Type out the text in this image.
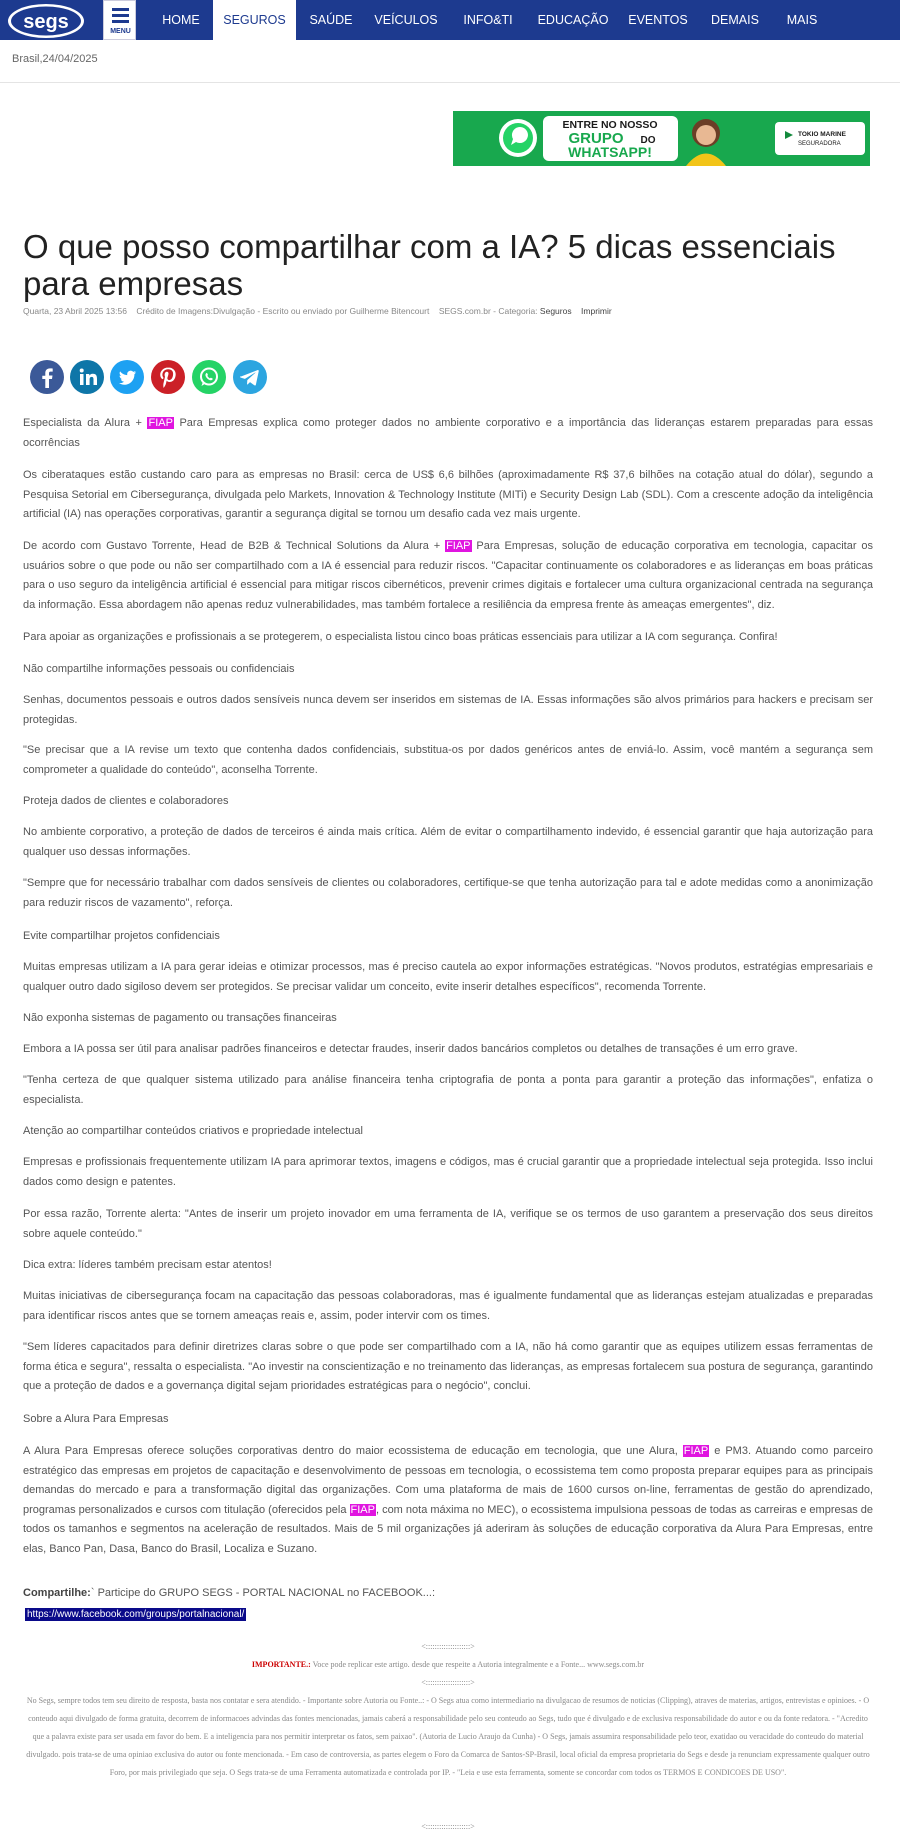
segs	MENU
HOME	SEGUROS	SAÚDE	VEÍCULOS	INFO&TI	EDUCAÇÃO	EVENTOS	DEMAIS	MAIS
Brasil,24/04/2025
ENTRE NO NOSSO
GRUPO DO
WHATSAPP!
TOKIO MARINE
SEGURADORA
O que posso compartilhar com a IA? 5 dicas essenciais para empresas
Quarta, 23 Abril 2025 13:56 Crédito de Imagens:Divulgação - Escrito ou enviado por Guilherme Bitencourt SEGS.com.br - Categoria: Seguros Imprimir
Especialista da Alura + FIAP Para Empresas explica como proteger dados no ambiente corporativo e a importância das lideranças estarem preparadas para essas ocorrências
Os ciberataques estão custando caro para as empresas no Brasil: cerca de US$ 6,6 bilhões (aproximadamente R$ 37,6 bilhões na cotação atual do dólar), segundo a Pesquisa Setorial em Cibersegurança, divulgada pelo Markets, Innovation & Technology Institute (MITi) e Security Design Lab (SDL). Com a crescente adoção da inteligência artificial (IA) nas operações corporativas, garantir a segurança digital se tornou um desafio cada vez mais urgente.
De acordo com Gustavo Torrente, Head de B2B & Technical Solutions da Alura + FIAP Para Empresas, solução de educação corporativa em tecnologia, capacitar os usuários sobre o que pode ou não ser compartilhado com a IA é essencial para reduzir riscos. "Capacitar continuamente os colaboradores e as lideranças em boas práticas para o uso seguro da inteligência artificial é essencial para mitigar riscos cibernéticos, prevenir crimes digitais e fortalecer uma cultura organizacional centrada na segurança da informação. Essa abordagem não apenas reduz vulnerabilidades, mas também fortalece a resiliência da empresa frente às ameaças emergentes", diz.
Para apoiar as organizações e profissionais a se protegerem, o especialista listou cinco boas práticas essenciais para utilizar a IA com segurança. Confira!
Não compartilhe informações pessoais ou confidenciais
Senhas, documentos pessoais e outros dados sensíveis nunca devem ser inseridos em sistemas de IA. Essas informações são alvos primários para hackers e precisam ser protegidas.
"Se precisar que a IA revise um texto que contenha dados confidenciais, substitua-os por dados genéricos antes de enviá-lo. Assim, você mantém a segurança sem comprometer a qualidade do conteúdo", aconselha Torrente.
Proteja dados de clientes e colaboradores
No ambiente corporativo, a proteção de dados de terceiros é ainda mais crítica. Além de evitar o compartilhamento indevido, é essencial garantir que haja autorização para qualquer uso dessas informações.
"Sempre que for necessário trabalhar com dados sensíveis de clientes ou colaboradores, certifique-se que tenha autorização para tal e adote medidas como a anonimização para reduzir riscos de vazamento", reforça.
Evite compartilhar projetos confidenciais
Muitas empresas utilizam a IA para gerar ideias e otimizar processos, mas é preciso cautela ao expor informações estratégicas. "Novos produtos, estratégias empresariais e qualquer outro dado sigiloso devem ser protegidos. Se precisar validar um conceito, evite inserir detalhes específicos", recomenda Torrente.
Não exponha sistemas de pagamento ou transações financeiras
Embora a IA possa ser útil para analisar padrões financeiros e detectar fraudes, inserir dados bancários completos ou detalhes de transações é um erro grave.
"Tenha certeza de que qualquer sistema utilizado para análise financeira tenha criptografia de ponta a ponta para garantir a proteção das informações", enfatiza o especialista.
Atenção ao compartilhar conteúdos criativos e propriedade intelectual
Empresas e profissionais frequentemente utilizam IA para aprimorar textos, imagens e códigos, mas é crucial garantir que a propriedade intelectual seja protegida. Isso inclui dados como design e patentes.
Por essa razão, Torrente alerta: "Antes de inserir um projeto inovador em uma ferramenta de IA, verifique se os termos de uso garantem a preservação dos seus direitos sobre aquele conteúdo."
Dica extra: líderes também precisam estar atentos!
Muitas iniciativas de cibersegurança focam na capacitação das pessoas colaboradoras, mas é igualmente fundamental que as lideranças estejam atualizadas e preparadas para identificar riscos antes que se tornem ameaças reais e, assim, poder intervir com os times.
"Sem líderes capacitados para definir diretrizes claras sobre o que pode ser compartilhado com a IA, não há como garantir que as equipes utilizem essas ferramentas de forma ética e segura", ressalta o especialista. "Ao investir na conscientização e no treinamento das lideranças, as empresas fortalecem sua postura de segurança, garantindo que a proteção de dados e a governança digital sejam prioridades estratégicas para o negócio", conclui.
Sobre a Alura Para Empresas
A Alura Para Empresas oferece soluções corporativas dentro do maior ecossistema de educação em tecnologia, que une Alura, FIAP e PM3. Atuando como parceiro estratégico das empresas em projetos de capacitação e desenvolvimento de pessoas em tecnologia, o ecossistema tem como proposta preparar equipes para as principais demandas do mercado e para a transformação digital das organizações. Com uma plataforma de mais de 1600 cursos on-line, ferramentas de gestão do aprendizado, programas personalizados e cursos com titulação (oferecidos pela FIAP, com nota máxima no MEC), o ecossistema impulsiona pessoas de todas as carreiras e empresas de todos os tamanhos e segmentos na aceleração de resultados. Mais de 5 mil organizações já aderiram às soluções de educação corporativa da Alura Para Empresas, entre elas, Banco Pan, Dasa, Banco do Brasil, Localiza e Suzano.
Compartilhe:` Participe do GRUPO SEGS - PORTAL NACIONAL no FACEBOOK...:
https://www.facebook.com/groups/portalnacional/
<::::::::::::::::::::>
IMPORTANTE.: Voce pode replicar este artigo. desde que respeite a Autoria integralmente e a Fonte... www.segs.com.br
<::::::::::::::::::::>
No Segs, sempre todos tem seu direito de resposta, basta nos contatar e sera atendido. - Importante sobre Autoria ou Fonte..: - O Segs atua como intermediario na divulgacao de resumos de noticias (Clipping), atraves de materias, artigos, entrevistas e opinioes. - O conteudo aqui divulgado de forma gratuita, decorrem de informacoes advindas das fontes mencionadas, jamais caberá a responsabilidade pelo seu conteudo ao Segs, tudo que é divulgado e de exclusiva responsabilidade do autor e ou da fonte redatora. - "Acredito que a palavra existe para ser usada em favor do bem. E a inteligencia para nos permitir interpretar os fatos, sem paixao". (Autoria de Lucio Araujo da Cunha) - O Segs, jamais assumira responsabilidade pelo teor, exatidao ou veracidade do conteudo do material divulgado. pois trata-se de uma opiniao exclusiva do autor ou fonte mencionada. - Em caso de controversia, as partes elegem o Foro da Comarca de Santos-SP-Brasil, local oficial da empresa proprietaria do Segs e desde ja renunciam expressamente qualquer outro Foro, por mais privilegiado que seja. O Segs trata-se de uma Ferramenta automatizada e controlada por IP. - "Leia e use esta ferramenta, somente se concordar com todos os TERMOS E CONDICOES DE USO".
<::::::::::::::::::::>
